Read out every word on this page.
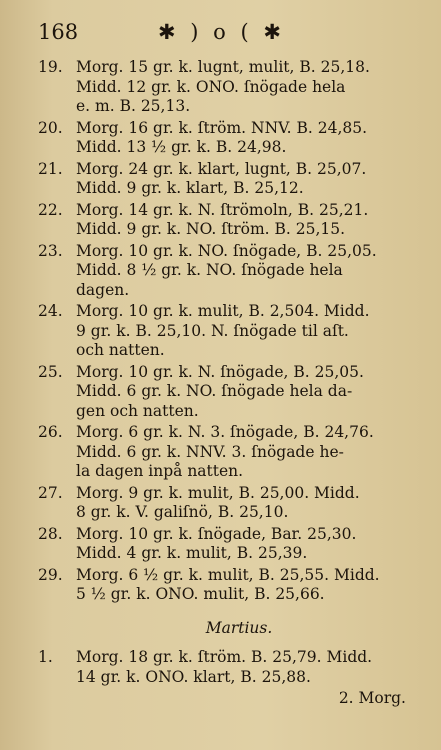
168	✱ ) o ( ✱
19. Morg. 15 gr. k. lugnt, mulit, B. 25,18.
Midd. 12 gr. k. ONO. ſnögade hela
e. m. B. 25,13.
20. Morg. 16 gr. k. ſtröm. NNV. B. 24,85.
Midd. 13 ½ gr. k. B. 24,98.
21. Morg. 24 gr. k. klart, lugnt, B. 25,07.
Midd. 9 gr. k. klart, B. 25,12.
22. Morg. 14 gr. k. N. ſtrömoln, B. 25,21.
Midd. 9 gr. k. NO. ſtröm. B. 25,15.
23. Morg. 10 gr. k. NO. ſnögade, B. 25,05.
Midd. 8 ½ gr. k. NO. ſnögade hela
dagen.
24. Morg. 10 gr. k. mulit, B. 2,504. Midd.
9 gr. k. B. 25,10. N. ſnögade til aſt.
och natten.
25. Morg. 10 gr. k. N. ſnögade, B. 25,05.
Midd. 6 gr. k. NO. ſnögade hela da-
gen och natten.
26. Morg. 6 gr. k. N. 3. ſnögade, B. 24,76.
Midd. 6 gr. k. NNV. 3. ſnögade he-
la dagen inpå natten.
27. Morg. 9 gr. k. mulit, B. 25,00. Midd.
8 gr. k. V. galiſnö, B. 25,10.
28. Morg. 10 gr. k. ſnögade, Bar. 25,30.
Midd. 4 gr. k. mulit, B. 25,39.
29. Morg. 6 ½ gr. k. mulit, B. 25,55. Midd.
5 ½ gr. k. ONO. mulit, B. 25,66.
Martius.
1. Morg. 18 gr. k. ſtröm. B. 25,79. Midd.
14 gr. k. ONO. klart, B. 25,88.
2. Morg.
